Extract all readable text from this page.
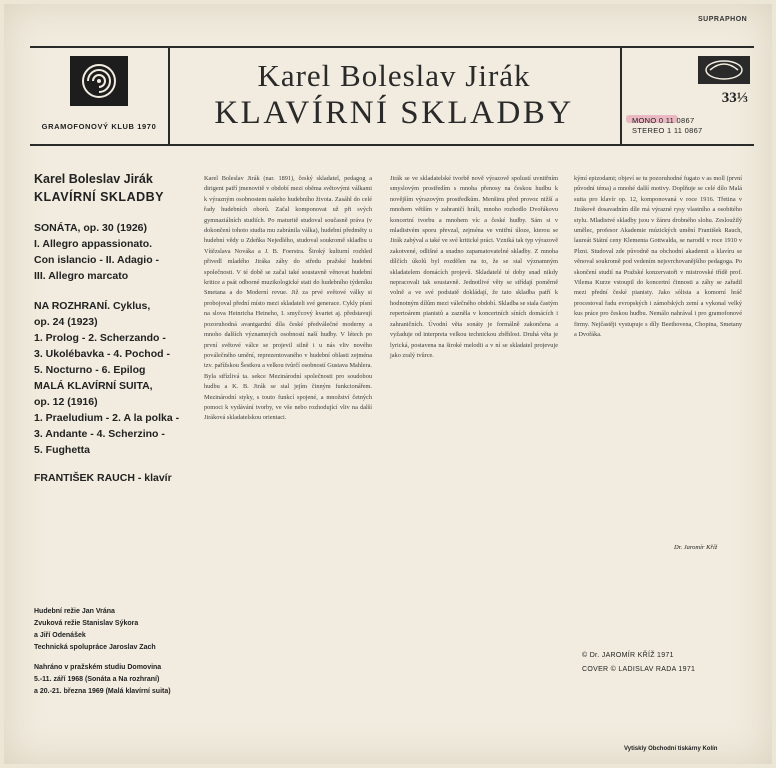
SUPRAPHON
GRAMOFONOVÝ KLUB 1970
Karel Boleslav Jirák
KLAVÍRNÍ SKLADBY	33⅓
MONO 0 11 0867
STEREO 1 11 0867
Karel Boleslav Jirák
KLAVÍRNÍ SKLADBY
SONÁTA, op. 30 (1926)
I. Allegro appassionato.
Con islancio - II. Adagio -
III. Allegro marcato
NA ROZHRANÍ. Cyklus,
op. 24 (1923)
1. Prolog - 2. Scherzando -
3. Ukolébavka - 4. Pochod -
5. Nocturno - 6. Epilog
MALÁ KLAVÍRNÍ SUITA,
op. 12 (1916)
1. Praeludium - 2. A la polka -
3. Andante - 4. Scherzino -
5. Fughetta
FRANTIŠEK RAUCH - klavír
Hudební režie Jan Vrána
Zvuková režie Stanislav Sýkora
a Jiří Odenášek
Technická spolupráce Jaroslav Zach
Nahráno v pražském studiu Domovina
5.-11. září 1968 (Sonáta a Na rozhraní)
a 20.-21. března 1969 (Malá klavírní suita)

Karel Boleslav Jirák (nar. 1891), český skladatel, pedagog a dirigent patří jmenovitě v období mezi oběma světovými válkami k výrazným osobnostem našeho hudebního života. Zasáhl do celé řady hudebních oborů. Začal komponovat už při svých gymnaziálních studiích. Po maturitě studoval současně práva (v dokončení tohoto studia mu zabránila válka), hudební předměty u hudební vědy u Zdeňka Nejedlého, studoval soukromě skladbu u Vítězslava Nováka a J. B. Foerstra. Široký kulturní rozhled přivedl mladého Jiráka záhy do středu pražské hudební společnosti. V té době se začal také soustavně věnovat hudební kritice a psát odborné muzikologické stati do hudebního týdeníku Smetana a do Moderní revue. Již za prvé světové války si probojoval přední místo mezi skladateli své generace. Cykly písní na slova Heinricha Heineho, I. smyčcový kvartet aj. představují pozoruhodná avantgardní díla české předválečné moderny a mnoho dalších významných osobností naší hudby. V létech po první světové válce se projevil silně i u nás vliv nového poválečného umění, reprezentovaného v hudební oblasti zejména tzv. pařížskou Šestkou a velkou tvůrčí osobností Gustava Mahlera. Byla střízlivá ta. sekce Mezinárodní společnosti pro soudobou hudbu a K. B. Jirák se stal jejím činným funkcionářem. Mezinárodní styky, s touto funkcí spojené, a množství četných pomoci k vydávání tvorby, ve vše nebo rozhodující vliv na další Jiráková skladatelskou orientaci.

Jirák se ve skladatelské tvorbě nově výrazově spolustí uvnitřním smyslovým prostředím s mnoha přenosy na českou hudbu k novějším výrazovým prostředkům. Menšinu před provoz nižší a mnohem větším v zahraničí hráli, mnoho rozhodlo Dvořákovu koncertní tvorbu a mnohem víc a české hudby. Sám si v mladistvém sporu převzal, zejména ve vnitřní úloze, kterou se Jirák zabýval a také ve své kritické práci. Vzniká tak typ výrazově zakotvené, odlišné a snadno zapamatovatelné skladby. Z mnoha dílčích úkolů byl rozdělen na to, že se stal významným skladatelem domácích projevů. Skladatelé té doby snad nikdy nepracovali tak soustavně. Jednotlivé věty se střídají poměrně volně a ve své podstatě dokládají, že tato skladba patří k hodnotným dílům mezi válečného období. Skladba se stala častým repertoárem pianistů a zazněla v koncertních síních domácích i zahraničních. Úvodní věta sonáty je formálně zakončena a vyžaduje od interpreta velkou technickou zběhlost. Druhá věta je lyrická, postavena na široké melodii a v ní se skladatel projevuje jako zralý tvůrce.

kýmí epizodami; objeví se tu pozoruhodné fugato v as moll (první původní téma) a mnohé další motivy. Doplňuje se celé dílo Malá suita pro klavír op. 12, komponovaná v roce 1916. Třetina v Jirákově dosavadním díle má výrazné rysy vlastního a osobitého stylu. Mladistvé skladby jsou v žánru drobného slohu. Zesloužilý umělec, profesor Akademie múzických umění František Rauch, laureát Státní ceny Klementa Gottwalda, se narodil v roce 1910 v Plzni. Studoval zde původně na obchodní akademii a klavíru se věnoval soukromě pod vedením nejsvrchovanějšího pedagoga. Po skončení studií na Pražské konzervatoři v mistrovské třídě prof. Vilema Kurze vstoupil do koncertní činnosti a záhy se zařadil mezi přední české pianisty. Jako sólista a komorní hráč procestoval řadu evropských i zámořských zemí a vykonal velký kus práce pro českou hudbu. Nemálo nahrával i pro gramofonové firmy. Nejčastěji vystupuje s díly Beethovena, Chopina, Smetany a Dvořáka.

Dr. Jaromír Kříž
© Dr. JAROMÍR KŘÍŽ 1971
COVER © LADISLAV RADA 1971
Vytiskly Obchodní tiskárny Kolín
